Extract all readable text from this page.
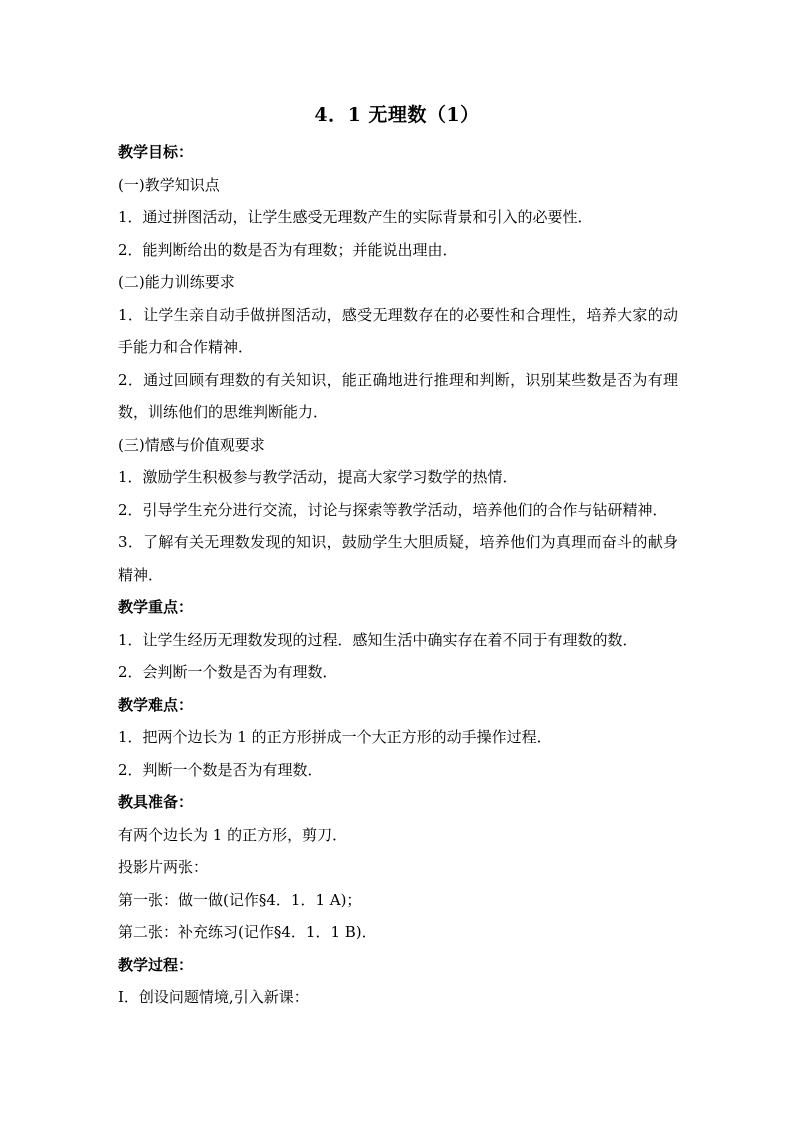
4．1 无理数（1）
教学目标：
(一)教学知识点
1．通过拼图活动，让学生感受无理数产生的实际背景和引入的必要性．
2．能判断给出的数是否为有理数；并能说出理由．
(二)能力训练要求
1．让学生亲自动手做拼图活动，感受无理数存在的必要性和合理性，培养大家的动手能力和合作精神．
2．通过回顾有理数的有关知识，能正确地进行推理和判断，识别某些数是否为有理数，训练他们的思维判断能力．
(三)情感与价值观要求
1．激励学生积极参与教学活动，提高大家学习数学的热情．
2．引导学生充分进行交流，讨论与探索等教学活动，培养他们的合作与钻研精神．
3．了解有关无理数发现的知识，鼓励学生大胆质疑，培养他们为真理而奋斗的献身精神．
教学重点：
1．让学生经历无理数发现的过程．感知生活中确实存在着不同于有理数的数．
2．会判断一个数是否为有理数．
教学难点：
1．把两个边长为 1 的正方形拼成一个大正方形的动手操作过程．
2．判断一个数是否为有理数．
教具准备：
有两个边长为 1 的正方形，剪刀．
投影片两张：
第一张：做一做(记作§4．1．1 A)；
第二张：补充练习(记作§4．1．1 B)．
教学过程：
Ⅰ．创设问题情境,引入新课：
